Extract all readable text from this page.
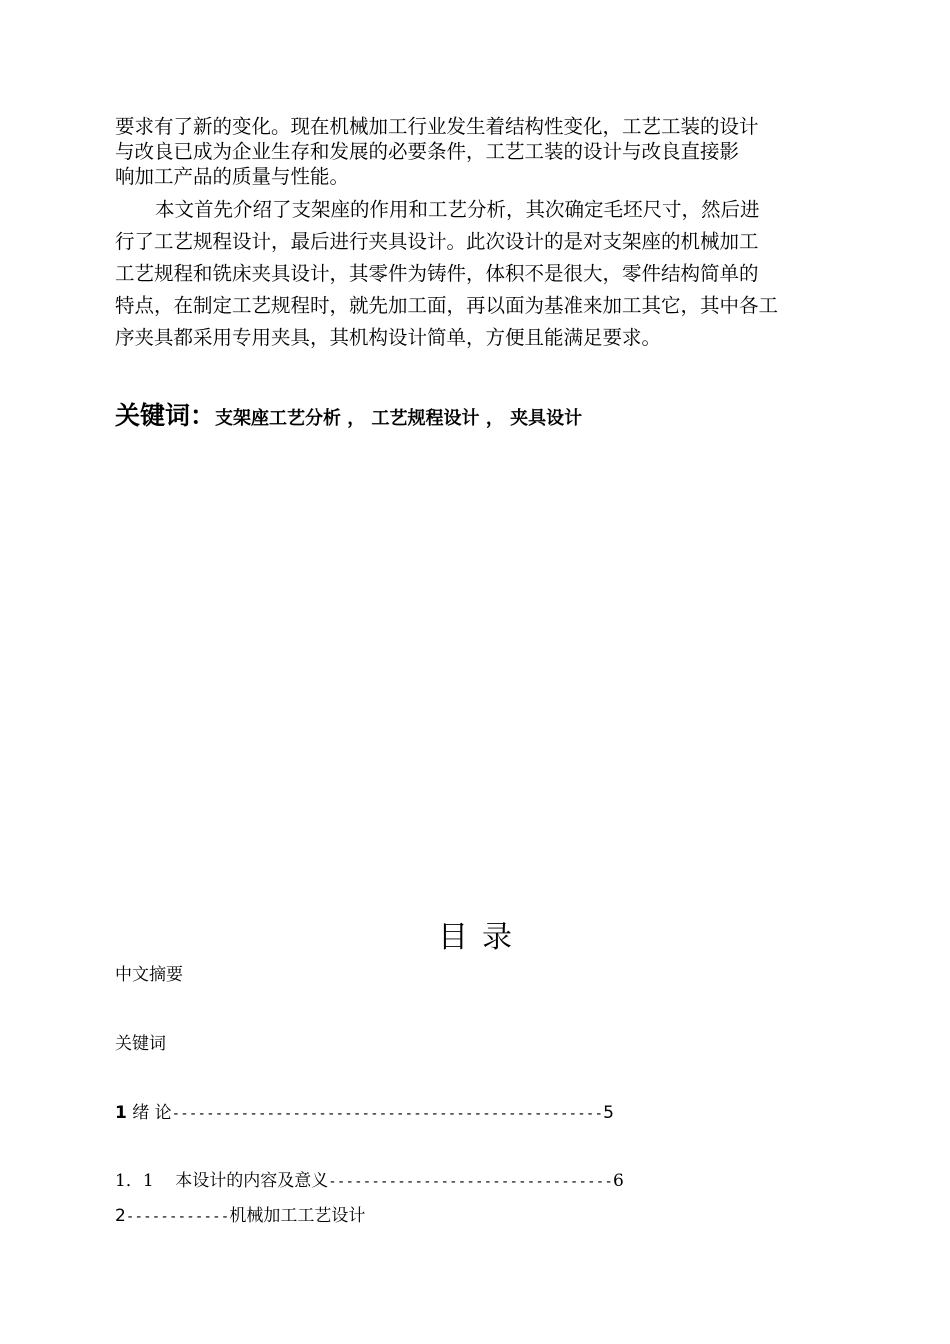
要求有了新的变化。现在机械加工行业发生着结构性变化，工艺工装的设计
与改良已成为企业生存和发展的必要条件，工艺工装的设计与改良直接影
响加工产品的质量与性能。
本文首先介绍了支架座的作用和工艺分析，其次确定毛坯尺寸，然后进
行了工艺规程设计，最后进行夹具设计。此次设计的是对支架座的机械加工
工艺规程和铣床夹具设计，其零件为铸件，体积不是很大，零件结构简单的
特点，在制定工艺规程时，就先加工面，再以面为基准来加工其它，其中各工
序夹具都采用专用夹具，其机构设计简单，方便且能满足要求。
关键词：支架座工艺分析 ， 工艺规程设计 ， 夹具设计
目录
中文摘要
关键词
1 绪 论--------------------------------------------------5
1．1 本设计的内容及意义---------------------------------6
2------------机械加工工艺设计
